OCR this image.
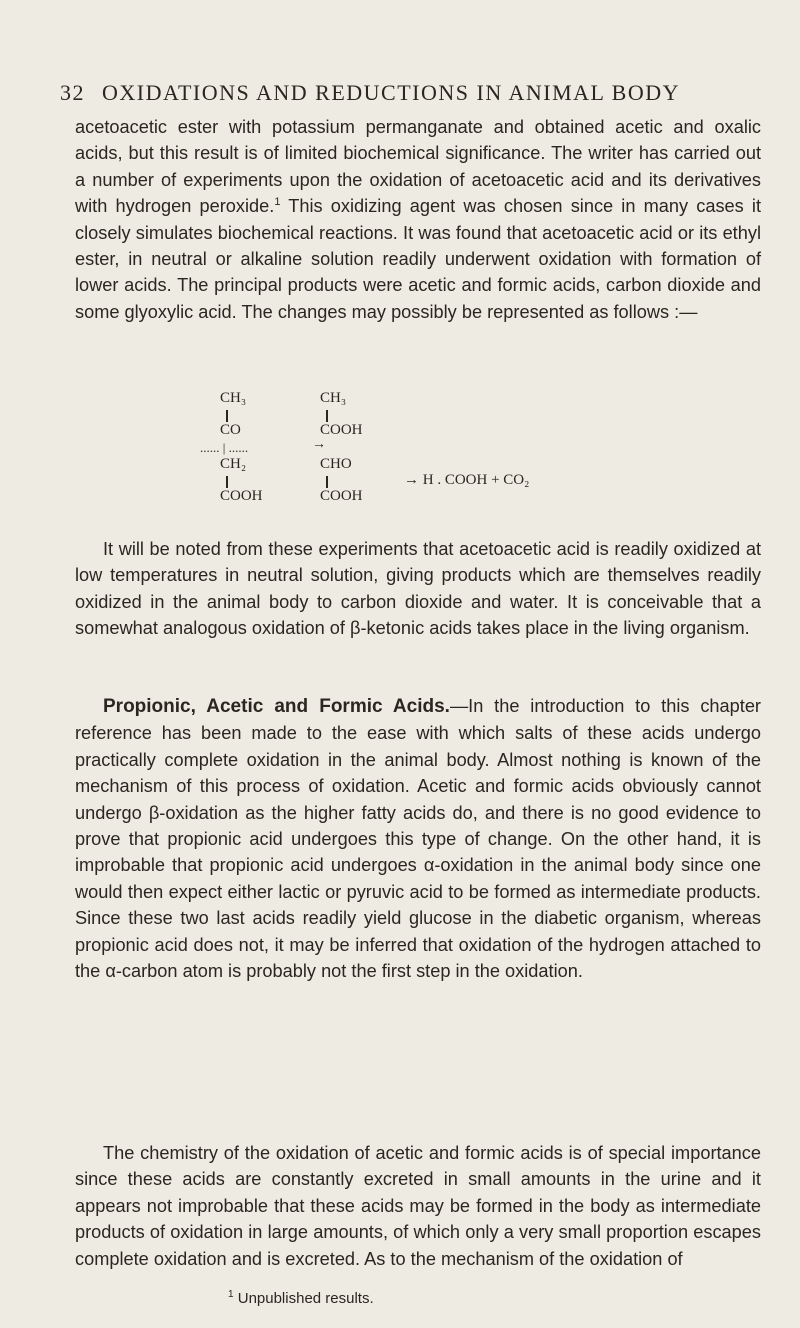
32 OXIDATIONS AND REDUCTIONS IN ANIMAL BODY
acetoacetic ester with potassium permanganate and obtained acetic and oxalic acids, but this result is of limited biochemical significance. The writer has carried out a number of experiments upon the oxidation of acetoacetic acid and its derivatives with hydrogen peroxide.$^1$ This oxidizing agent was chosen since in many cases it closely simulates biochemical reactions. It was found that acetoacetic acid or its ethyl ester, in neutral or alkaline solution readily underwent oxidation with formation of lower acids. The principal products were acetic and formic acids, carbon dioxide and some glyoxylic acid. The changes may possibly be represented as follows :—
CH₃
CO
...... | ......
CH₂
COOH
→
CH₃
COOH
CHO
COOH
→ H . COOH + CO₂
It will be noted from these experiments that acetoacetic acid is readily oxidized at low temperatures in neutral solution, giving products which are themselves readily oxidized in the animal body to carbon dioxide and water. It is conceivable that a somewhat analogous oxidation of β-ketonic acids takes place in the living organism.
Propionic, Acetic and Formic Acids.—In the introduction to this chapter reference has been made to the ease with which salts of these acids undergo practically complete oxidation in the animal body. Almost nothing is known of the mechanism of this process of oxidation. Acetic and formic acids obviously cannot undergo β-oxidation as the higher fatty acids do, and there is no good evidence to prove that propionic acid undergoes this type of change. On the other hand, it is improbable that propionic acid undergoes α-oxidation in the animal body since one would then expect either lactic or pyruvic acid to be formed as intermediate products. Since these two last acids readily yield glucose in the diabetic organism, whereas propionic acid does not, it may be inferred that oxidation of the hydrogen attached to the α-carbon atom is probably not the first step in the oxidation.
The chemistry of the oxidation of acetic and formic acids is of special importance since these acids are constantly excreted in small amounts in the urine and it appears not improbable that these acids may be formed in the body as intermediate products of oxidation in large amounts, of which only a very small proportion escapes complete oxidation and is excreted. As to the mechanism of the oxidation of
$^1$ Unpublished results.
